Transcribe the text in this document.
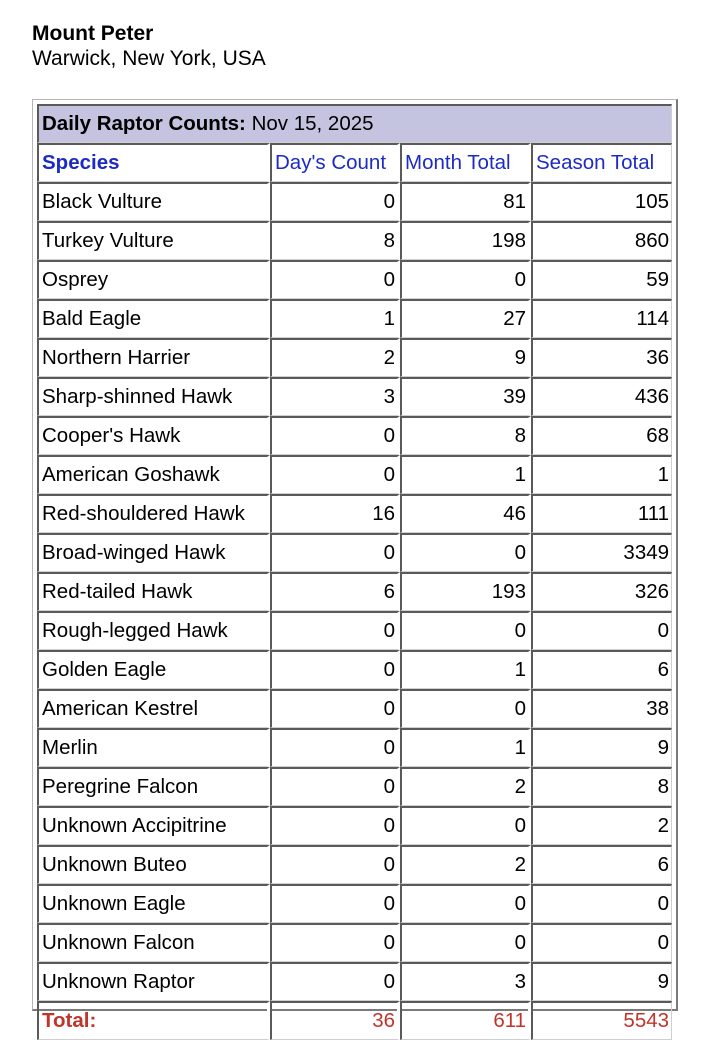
Mount Peter
Warwick, New York, USA
Daily Raptor Counts: Nov 15, 2025			
Species	Day's Count	Month Total	Season Total
Black Vulture	0	81	105
Turkey Vulture	8	198	860
Osprey	0	0	59
Bald Eagle	1	27	114
Northern Harrier	2	9	36
Sharp-shinned Hawk	3	39	436
Cooper's Hawk	0	8	68
American Goshawk	0	1	1
Red-shouldered Hawk	16	46	111
Broad-winged Hawk	0	0	3349
Red-tailed Hawk	6	193	326
Rough-legged Hawk	0	0	0
Golden Eagle	0	1	6
American Kestrel	0	0	38
Merlin	0	1	9
Peregrine Falcon	0	2	8
Unknown Accipitrine	0	0	2
Unknown Buteo	0	2	6
Unknown Eagle	0	0	0
Unknown Falcon	0	0	0
Unknown Raptor	0	3	9
Total:	36	611	5543
